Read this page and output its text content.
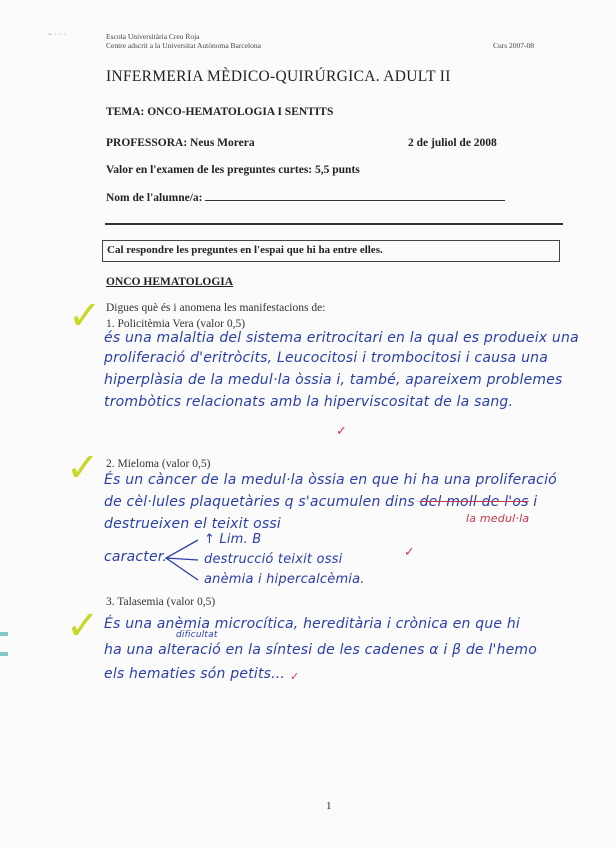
~ · · ·	Escola Universitària Creu Roja
Centre adscrit a la Universitat Autònoma Barcelona	Curs 2007-08
INFERMERIA MÈDICO-QUIRÚRGICA. ADULT II
TEMA: ONCO-HEMATOLOGIA I SENTITS
PROFESSORA: Neus Morera	2 de juliol de 2008
Valor en l'examen de les preguntes curtes: 5,5 punts
Nom de l'alumne/a:
Cal respondre les preguntes en l'espai que hi ha entre elles.
ONCO HEMATOLOGIA
Digues què és i anomena les manifestacions de:
✓ 1. Policitèmia Vera (valor 0,5)
és una malaltia del sistema eritrocitari en la qual es produeix una
proliferació d'eritròcits, Leucocitosi i trombocitosi i causa una
hiperplàsia de la medul·la òssia i, també, apareixem problemes
trombòtics relacionats amb la hiperviscositat de la sang.
✓
✓ 2. Mieloma (valor 0,5)
És un càncer de la medul·la òssia en que hi ha una proliferació
de cèl·lules plaquetàries q s'acumulen dins del moll de l'os i
la medul·la
destrueixen el teixit ossi
caracter.
↑ Lim. B
destrucció teixit ossi
anèmia i hipercalcèmia.
✓
✓
3. Talasemia (valor 0,5)
És una anèmia microcítica, hereditària i crònica en que hi
dificultat
ha una alteració en la síntesi de les cadenes α i β de l'hemo
els hematies són petits... ✓
1
